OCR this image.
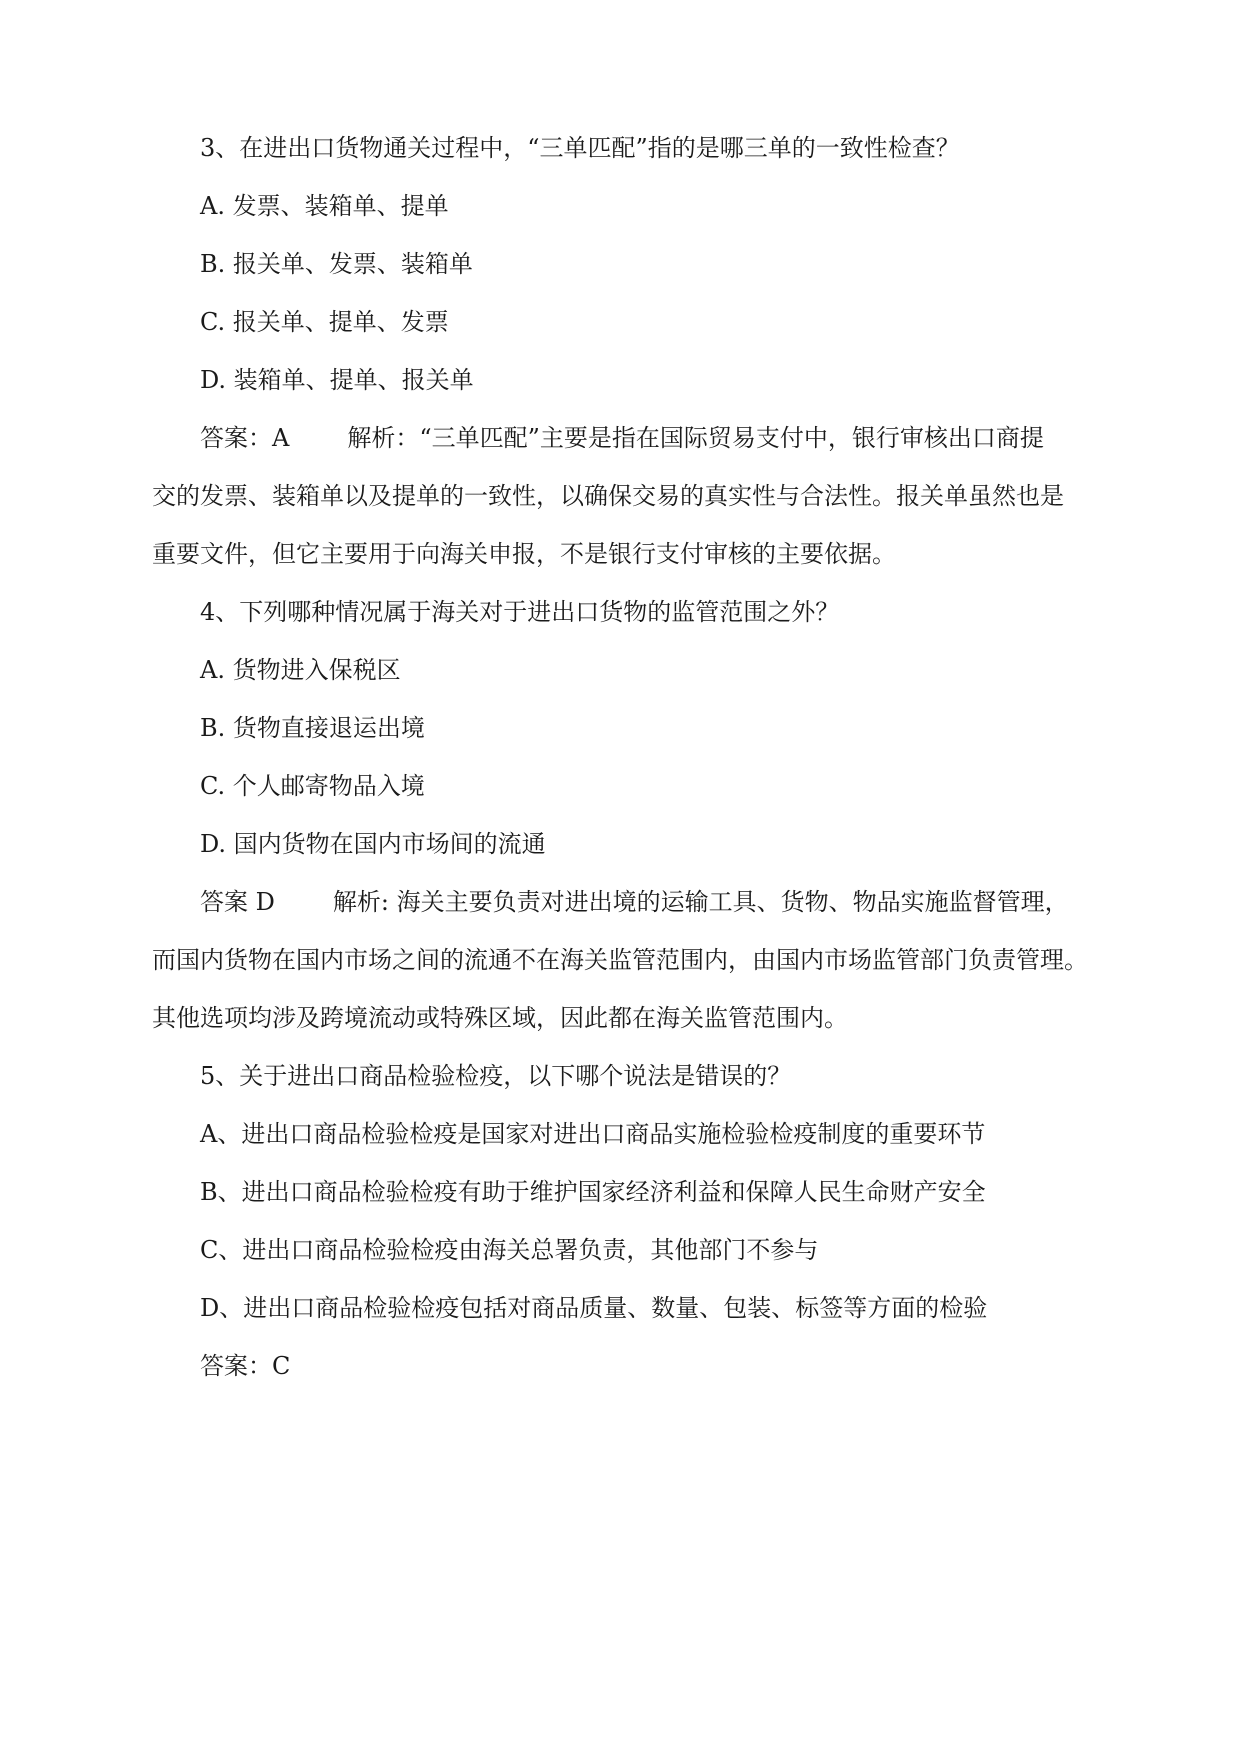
3、在进出口货物通关过程中，“三单匹配”指的是哪三单的一致性检查？
A. 发票、装箱单、提单
B. 报关单、发票、装箱单
C. 报关单、提单、发票
D. 装箱单、提单、报关单
答案：A 解析：“三单匹配”主要是指在国际贸易支付中，银行审核出口商提
交的发票、装箱单以及提单的一致性，以确保交易的真实性与合法性。报关单虽然也是
重要文件，但它主要用于向海关申报，不是银行支付审核的主要依据。
4、下列哪种情况属于海关对于进出口货物的监管范围之外？
A. 货物进入保税区
B. 货物直接退运出境
C. 个人邮寄物品入境
D. 国内货物在国内市场间的流通
答案 D 解析: 海关主要负责对进出境的运输工具、货物、物品实施监督管理，
而国内货物在国内市场之间的流通不在海关监管范围内，由国内市场监管部门负责管理。
其他选项均涉及跨境流动或特殊区域，因此都在海关监管范围内。
5、关于进出口商品检验检疫，以下哪个说法是错误的？
A、进出口商品检验检疫是国家对进出口商品实施检验检疫制度的重要环节
B、进出口商品检验检疫有助于维护国家经济利益和保障人民生命财产安全
C、进出口商品检验检疫由海关总署负责，其他部门不参与
D、进出口商品检验检疫包括对商品质量、数量、包装、标签等方面的检验
答案：C
